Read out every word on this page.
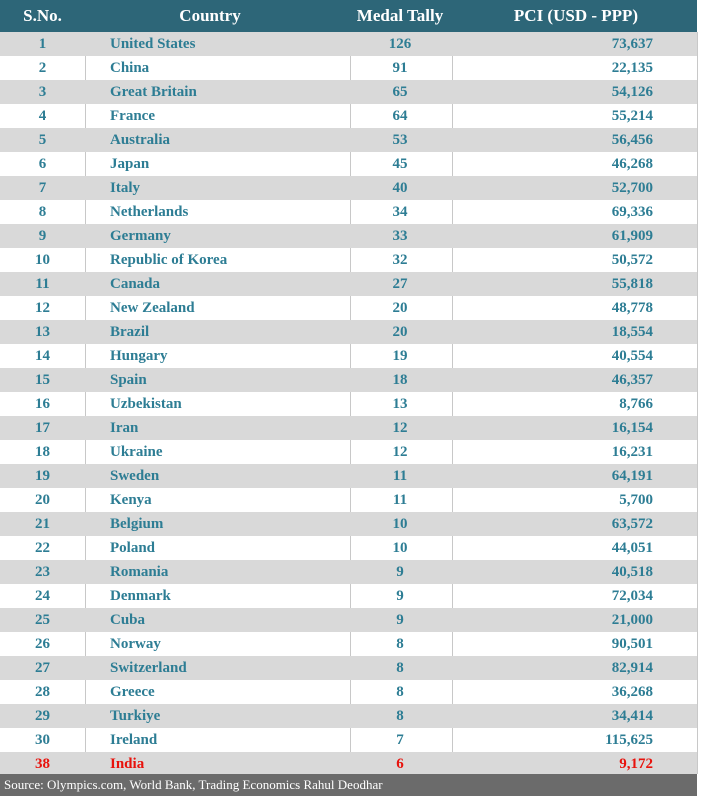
S.No.	Country	Medal Tally	PCI (USD - PPP)
1	United States	126	73,637
2	China	91	22,135
3	Great Britain	65	54,126
4	France	64	55,214
5	Australia	53	56,456
6	Japan	45	46,268
7	Italy	40	52,700
8	Netherlands	34	69,336
9	Germany	33	61,909
10	Republic of Korea	32	50,572
11	Canada	27	55,818
12	New Zealand	20	48,778
13	Brazil	20	18,554
14	Hungary	19	40,554
15	Spain	18	46,357
16	Uzbekistan	13	8,766
17	Iran	12	16,154
18	Ukraine	12	16,231
19	Sweden	11	64,191
20	Kenya	11	5,700
21	Belgium	10	63,572
22	Poland	10	44,051
23	Romania	9	40,518
24	Denmark	9	72,034
25	Cuba	9	21,000
26	Norway	8	90,501
27	Switzerland	8	82,914
28	Greece	8	36,268
29	Turkiye	8	34,414
30	Ireland	7	115,625
38	India	6	9,172
Source: Olympics.com, World Bank, Trading Economics Rahul Deodhar
